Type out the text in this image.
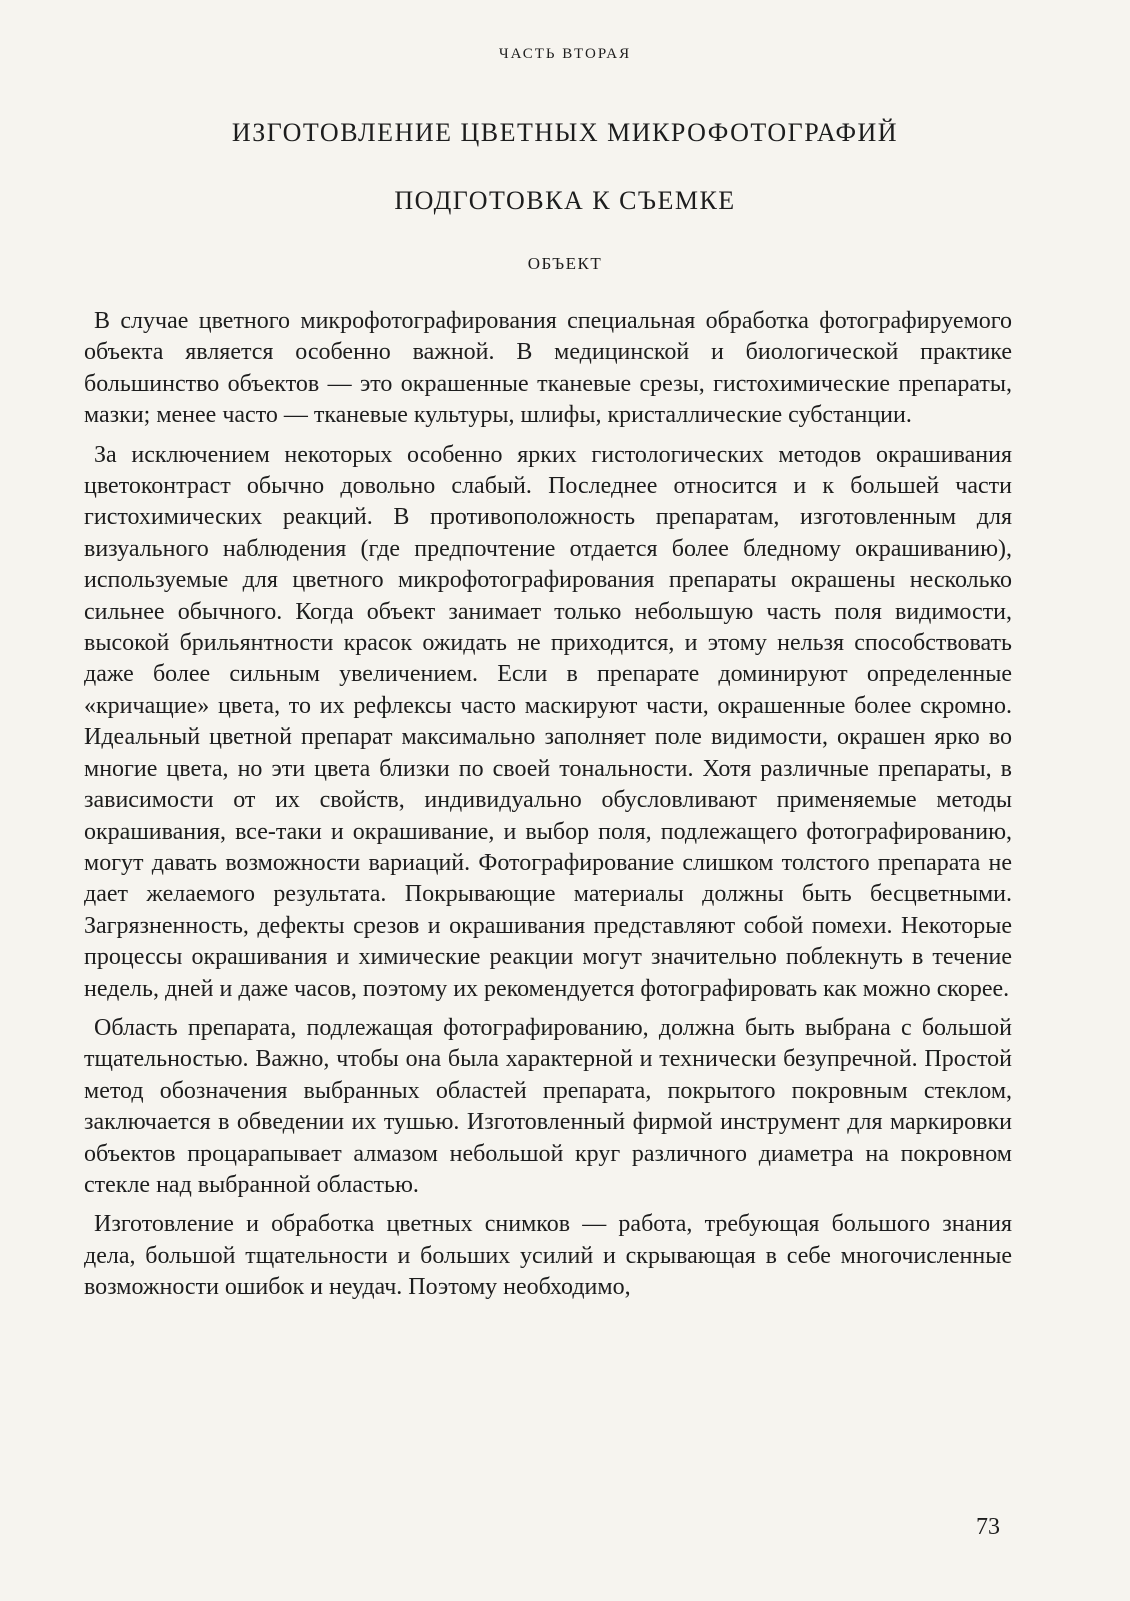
ЧАСТЬ ВТОРАЯ
ИЗГОТОВЛЕНИЕ ЦВЕТНЫХ МИКРОФОТОГРАФИЙ
ПОДГОТОВКА К СЪЕМКЕ
ОБЪЕКТ

В случае цветного микрофотографирования специальная обработка фотографируемого объекта является особенно важной. В медицинской и биологической практике большинство объектов — это окрашенные тканевые срезы, гистохимические препараты, мазки; менее часто — тканевые культуры, шлифы, кристаллические субстанции.

За исключением некоторых особенно ярких гистологических методов окрашивания цветоконтраст обычно довольно слабый. Последнее относится и к большей части гистохимических реакций. В противоположность препаратам, изготовленным для визуального наблюдения (где предпочтение отдается более бледному окрашиванию), используемые для цветного микрофотографирования препараты окрашены несколько сильнее обычного. Когда объект занимает только небольшую часть поля видимости, высокой брильянтности красок ожидать не приходится, и этому нельзя способствовать даже более сильным увеличением. Если в препарате доминируют определенные «кричащие» цвета, то их рефлексы часто маскируют части, окрашенные более скромно. Идеальный цветной препарат максимально заполняет поле видимости, окрашен ярко во многие цвета, но эти цвета близки по своей тональности. Хотя различные препараты, в зависимости от их свойств, индивидуально обусловливают применяемые методы окрашивания, все-таки и окрашивание, и выбор поля, подлежащего фотографированию, могут давать возможности вариаций. Фотографирование слишком толстого препарата не дает желаемого результата. Покрывающие материалы должны быть бесцветными. Загрязненность, дефекты срезов и окрашивания представляют собой помехи. Некоторые процессы окрашивания и химические реакции могут значительно поблекнуть в течение недель, дней и даже часов, поэтому их рекомендуется фотографировать как можно скорее.

Область препарата, подлежащая фотографированию, должна быть выбрана с большой тщательностью. Важно, чтобы она была характерной и технически безупречной. Простой метод обозначения выбранных областей препарата, покрытого покровным стеклом, заключается в обведении их тушью. Изготовленный фирмой инструмент для маркировки объектов процарапывает алмазом небольшой круг различного диаметра на покровном стекле над выбранной областью.

Изготовление и обработка цветных снимков — работа, требующая большого знания дела, большой тщательности и больших усилий и скрывающая в себе многочисленные возможности ошибок и неудач. Поэтому необходимо,

73
